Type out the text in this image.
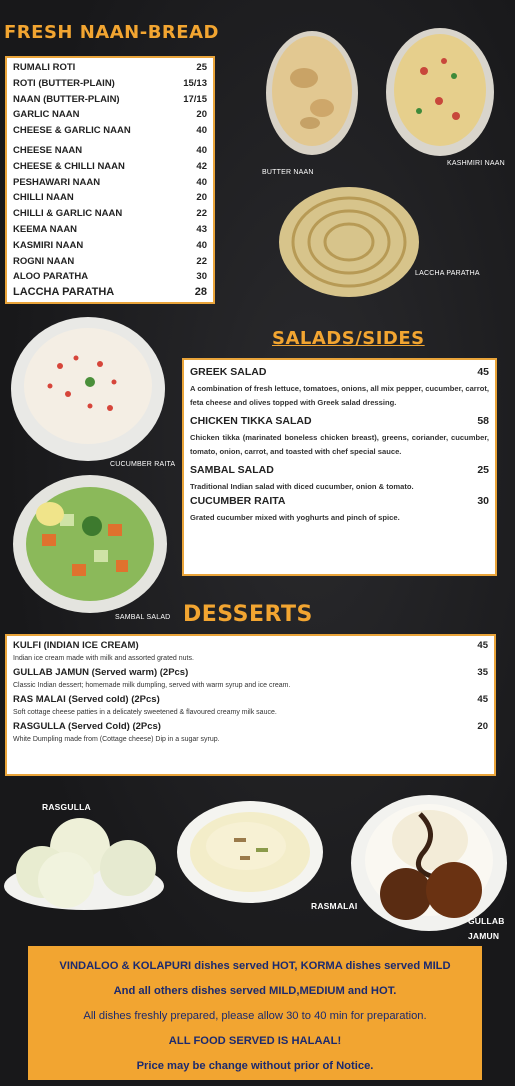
FRESH NAAN-BREAD
RUMALI ROTI	25
ROTI (BUTTER-PLAIN)	15/13
NAAN (BUTTER-PLAIN)	17/15
GARLIC NAAN	20
CHEESE & GARLIC NAAN	40
CHEESE NAAN	40
CHEESE & CHILLI NAAN	42
PESHAWARI NAAN	40
CHILLI NAAN	20
CHILLI & GARLIC NAAN	22
KEEMA NAAN	43
KASMIRI NAAN	40
ROGNI NAAN	22
ALOO PARATHA	30
LACCHA PARATHA	28
BUTTER NAAN
KASHMIRI NAAN
LACCHA PARATHA
SALADS/SIDES
CUCUMBER RAITA
SAMBAL SALAD
GREEK SALAD	45
A combination of fresh lettuce, tomatoes, onions, all mix pepper, cucumber, carrot, feta cheese and olives topped with Greek salad dressing.
CHICKEN TIKKA SALAD	58
Chicken tikka (marinated boneless chicken breast), greens, coriander, cucumber, tomato, onion, carrot, and toasted with chef special sauce.
SAMBAL SALAD	25
Traditional Indian salad with diced cucumber, onion & tomato.
CUCUMBER RAITA	30
Grated cucumber mixed with yoghurts and pinch of spice.
DESSERTS
KULFI (INDIAN ICE CREAM)	45
Indian ice cream made with milk and assorted grated nuts.
GULLAB JAMUN (Served warm) (2Pcs)	35
Classic Indian dessert; homemade milk dumpling, served with warm syrup and ice cream.
RAS MALAI (Served cold) (2Pcs)	45
Soft cottage cheese patties in a delicately sweetened & flavoured creamy milk sauce.
RASGULLA (Served Cold) (2Pcs)	20
White Dumpling made from (Cottage cheese) Dip in a sugar syrup.
RASGULLA
RASMALAI
GULLAB
JAMUN
VINDALOO & KOLAPURI dishes served HOT, KORMA dishes served MILD
And all others dishes served MILD,MEDIUM and HOT.
All dishes freshly prepared, please allow 30 to 40 min for preparation.
ALL FOOD SERVED IS HALAAL!
Price may be change without prior of Notice.
